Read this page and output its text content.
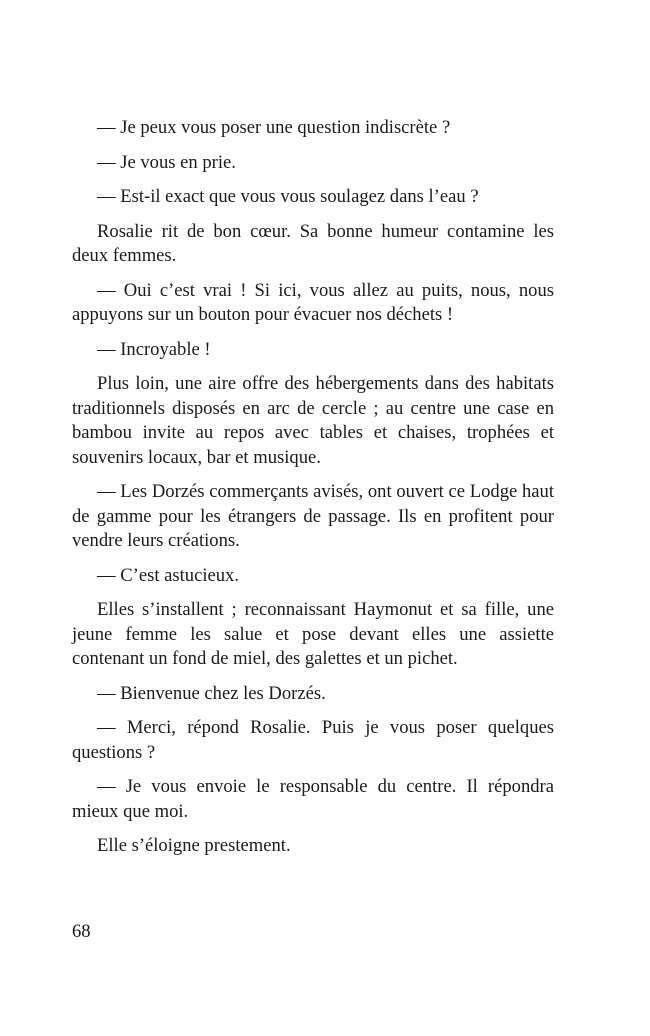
— Je peux vous poser une question indiscrète ?

— Je vous en prie.

— Est-il exact que vous vous soulagez dans l’eau ?

Rosalie rit de bon cœur. Sa bonne humeur contamine les deux femmes.

— Oui c’est vrai ! Si ici, vous allez au puits, nous, nous appuyons sur un bouton pour évacuer nos déchets !

— Incroyable !

Plus loin, une aire offre des hébergements dans des habitats traditionnels disposés en arc de cercle ; au centre une case en bambou invite au repos avec tables et chaises, trophées et souvenirs locaux, bar et musique.

— Les Dorzés commerçants avisés, ont ouvert ce Lodge haut de gamme pour les étrangers de passage. Ils en profitent pour vendre leurs créations.

— C’est astucieux.

Elles s’installent ; reconnaissant Haymonut et sa fille, une jeune femme les salue et pose devant elles une assiette contenant un fond de miel, des galettes et un pichet.

— Bienvenue chez les Dorzés.

— Merci, répond Rosalie. Puis je vous poser quelques questions ?

— Je vous envoie le responsable du centre. Il répondra mieux que moi.

Elle s’éloigne prestement.

68
